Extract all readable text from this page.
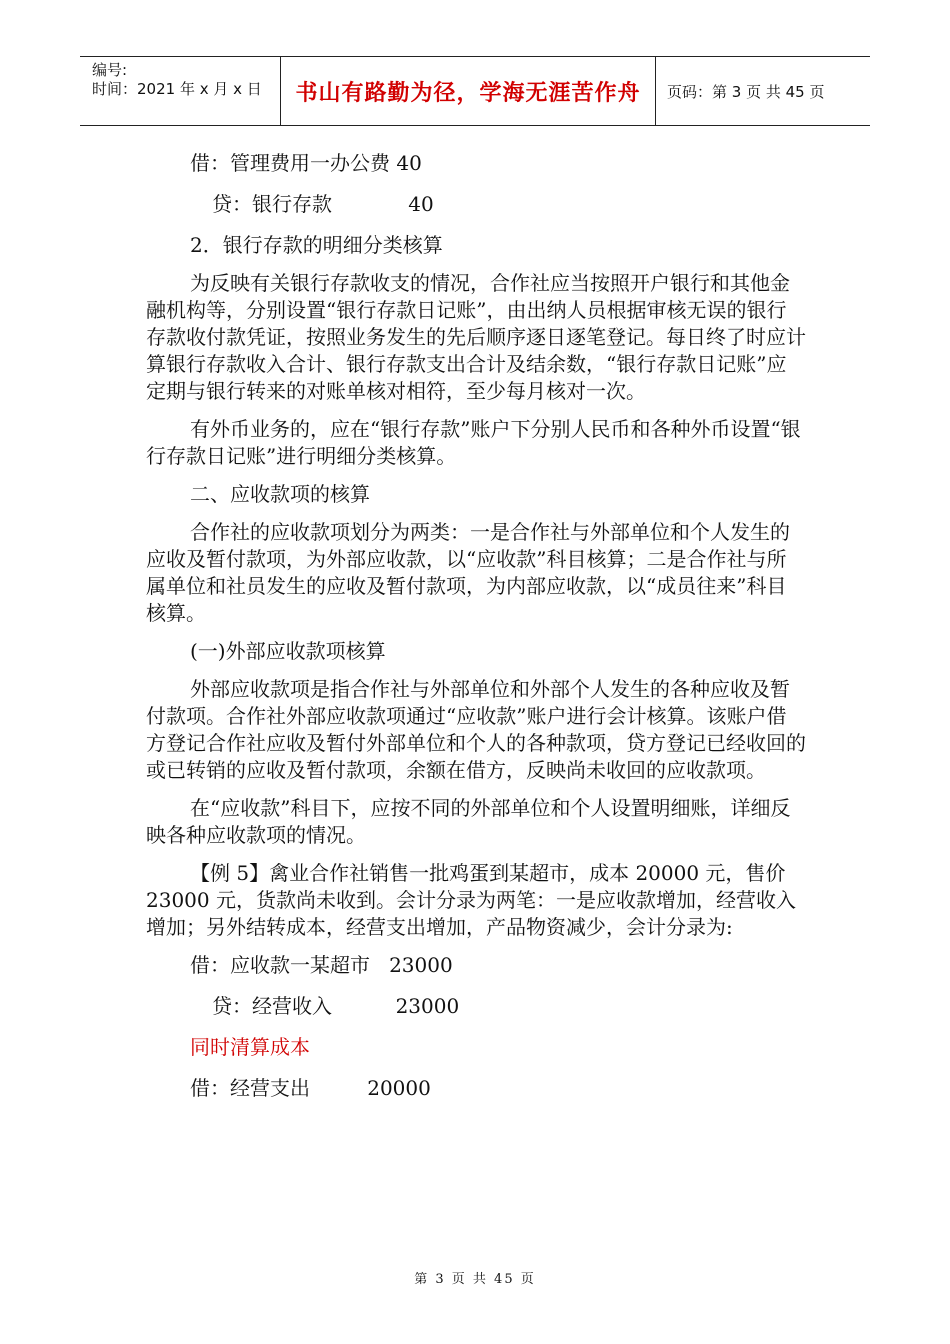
编号:
时间：2021 年 x 月 x 日	书山有路勤为径，学海无涯苦作舟	页码：第 3 页 共 45 页

借：管理费用一办公费 40

贷：银行存款            40

2．银行存款的明细分类核算

为反映有关银行存款收支的情况，合作社应当按照开户银行和其他金融机构等，分别设置“银行存款日记账”，由出纳人员根据审核无误的银行存款收付款凭证，按照业务发生的先后顺序逐日逐笔登记。每日终了时应计算银行存款收入合计、银行存款支出合计及结余数，“银行存款日记账”应定期与银行转来的对账单核对相符，至少每月核对一次。

有外币业务的，应在“银行存款”账户下分别人民币和各种外币设置“银行存款日记账”进行明细分类核算。

二、应收款项的核算

合作社的应收款项划分为两类：一是合作社与外部单位和个人发生的应收及暂付款项，为外部应收款，以“应收款”科目核算；二是合作社与所属单位和社员发生的应收及暂付款项，为内部应收款，以“成员往来”科目核算。

(一)外部应收款项核算

外部应收款项是指合作社与外部单位和外部个人发生的各种应收及暂付款项。合作社外部应收款项通过“应收款”账户进行会计核算。该账户借方登记合作社应收及暂付外部单位和个人的各种款项，贷方登记已经收回的或已转销的应收及暂付款项，余额在借方，反映尚未收回的应收款项。

在“应收款”科目下，应按不同的外部单位和个人设置明细账，详细反映各种应收款项的情况。

【例 5】禽业合作社销售一批鸡蛋到某超市，成本 20000 元，售价 23000 元，货款尚未收到。会计分录为两笔：一是应收款增加，经营收入增加；另外结转成本，经营支出增加，产品物资减少，会计分录为:

借：应收款一某超市   23000

贷：经营收入          23000

同时清算成本

借：经营支出         20000

第 3 页 共 45 页
